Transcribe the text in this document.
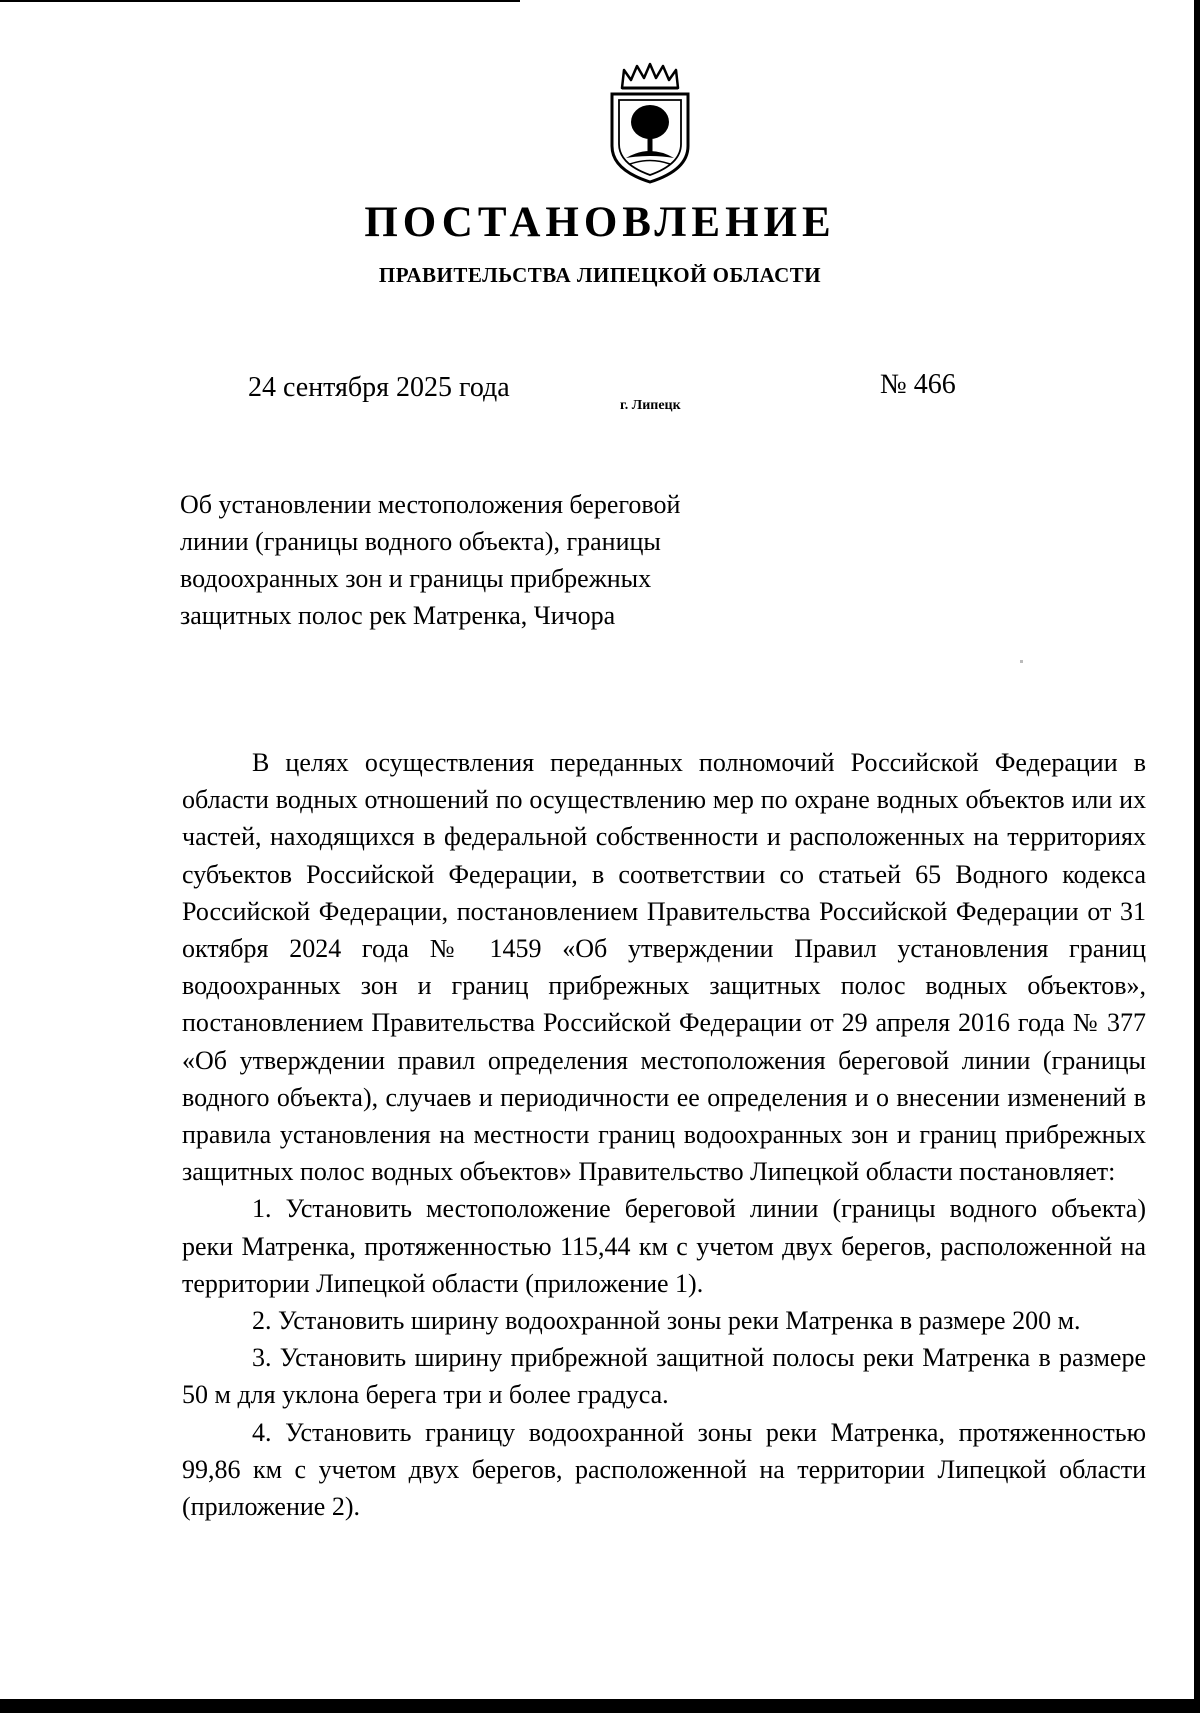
ПОСТАНОВЛЕНИЕ
ПРАВИТЕЛЬСТВА ЛИПЕЦКОЙ ОБЛАСТИ
24 сентября 2025 года
г. Липецк
№ 466
Об установлении местоположения береговой
линии (границы водного объекта), границы
водоохранных зон и границы прибрежных
защитных полос рек Матренка, Чичора

В целях осуществления переданных полномочий Российской Федерации в области водных отношений по осуществлению мер по охране водных объектов или их частей, находящихся в федеральной собственности и расположенных на территориях субъектов Российской Федерации, в соответствии со статьей 65 Водного кодекса Российской Федерации, постановлением Правительства Российской Федерации от 31 октября 2024 года № 1459 «Об утверждении Правил установления границ водоохранных зон и границ прибрежных защитных полос водных объектов», постановлением Правительства Российской Федерации от 29 апреля 2016 года № 377 «Об утверждении правил определения местоположения береговой линии (границы водного объекта), случаев и периодичности ее определения и о внесении изменений в правила установления на местности границ водоохранных зон и границ прибрежных защитных полос водных объектов» Правительство Липецкой области постановляет:

1. Установить местоположение береговой линии (границы водного объекта) реки Матренка, протяженностью 115,44 км с учетом двух берегов, расположенной на территории Липецкой области (приложение 1).

2. Установить ширину водоохранной зоны реки Матренка в размере 200 м.

3. Установить ширину прибрежной защитной полосы реки Матренка в размере 50 м для уклона берега три и более градуса.

4. Установить границу водоохранной зоны реки Матренка, протяженностью 99,86 км с учетом двух берегов, расположенной на территории Липецкой области (приложение 2).
